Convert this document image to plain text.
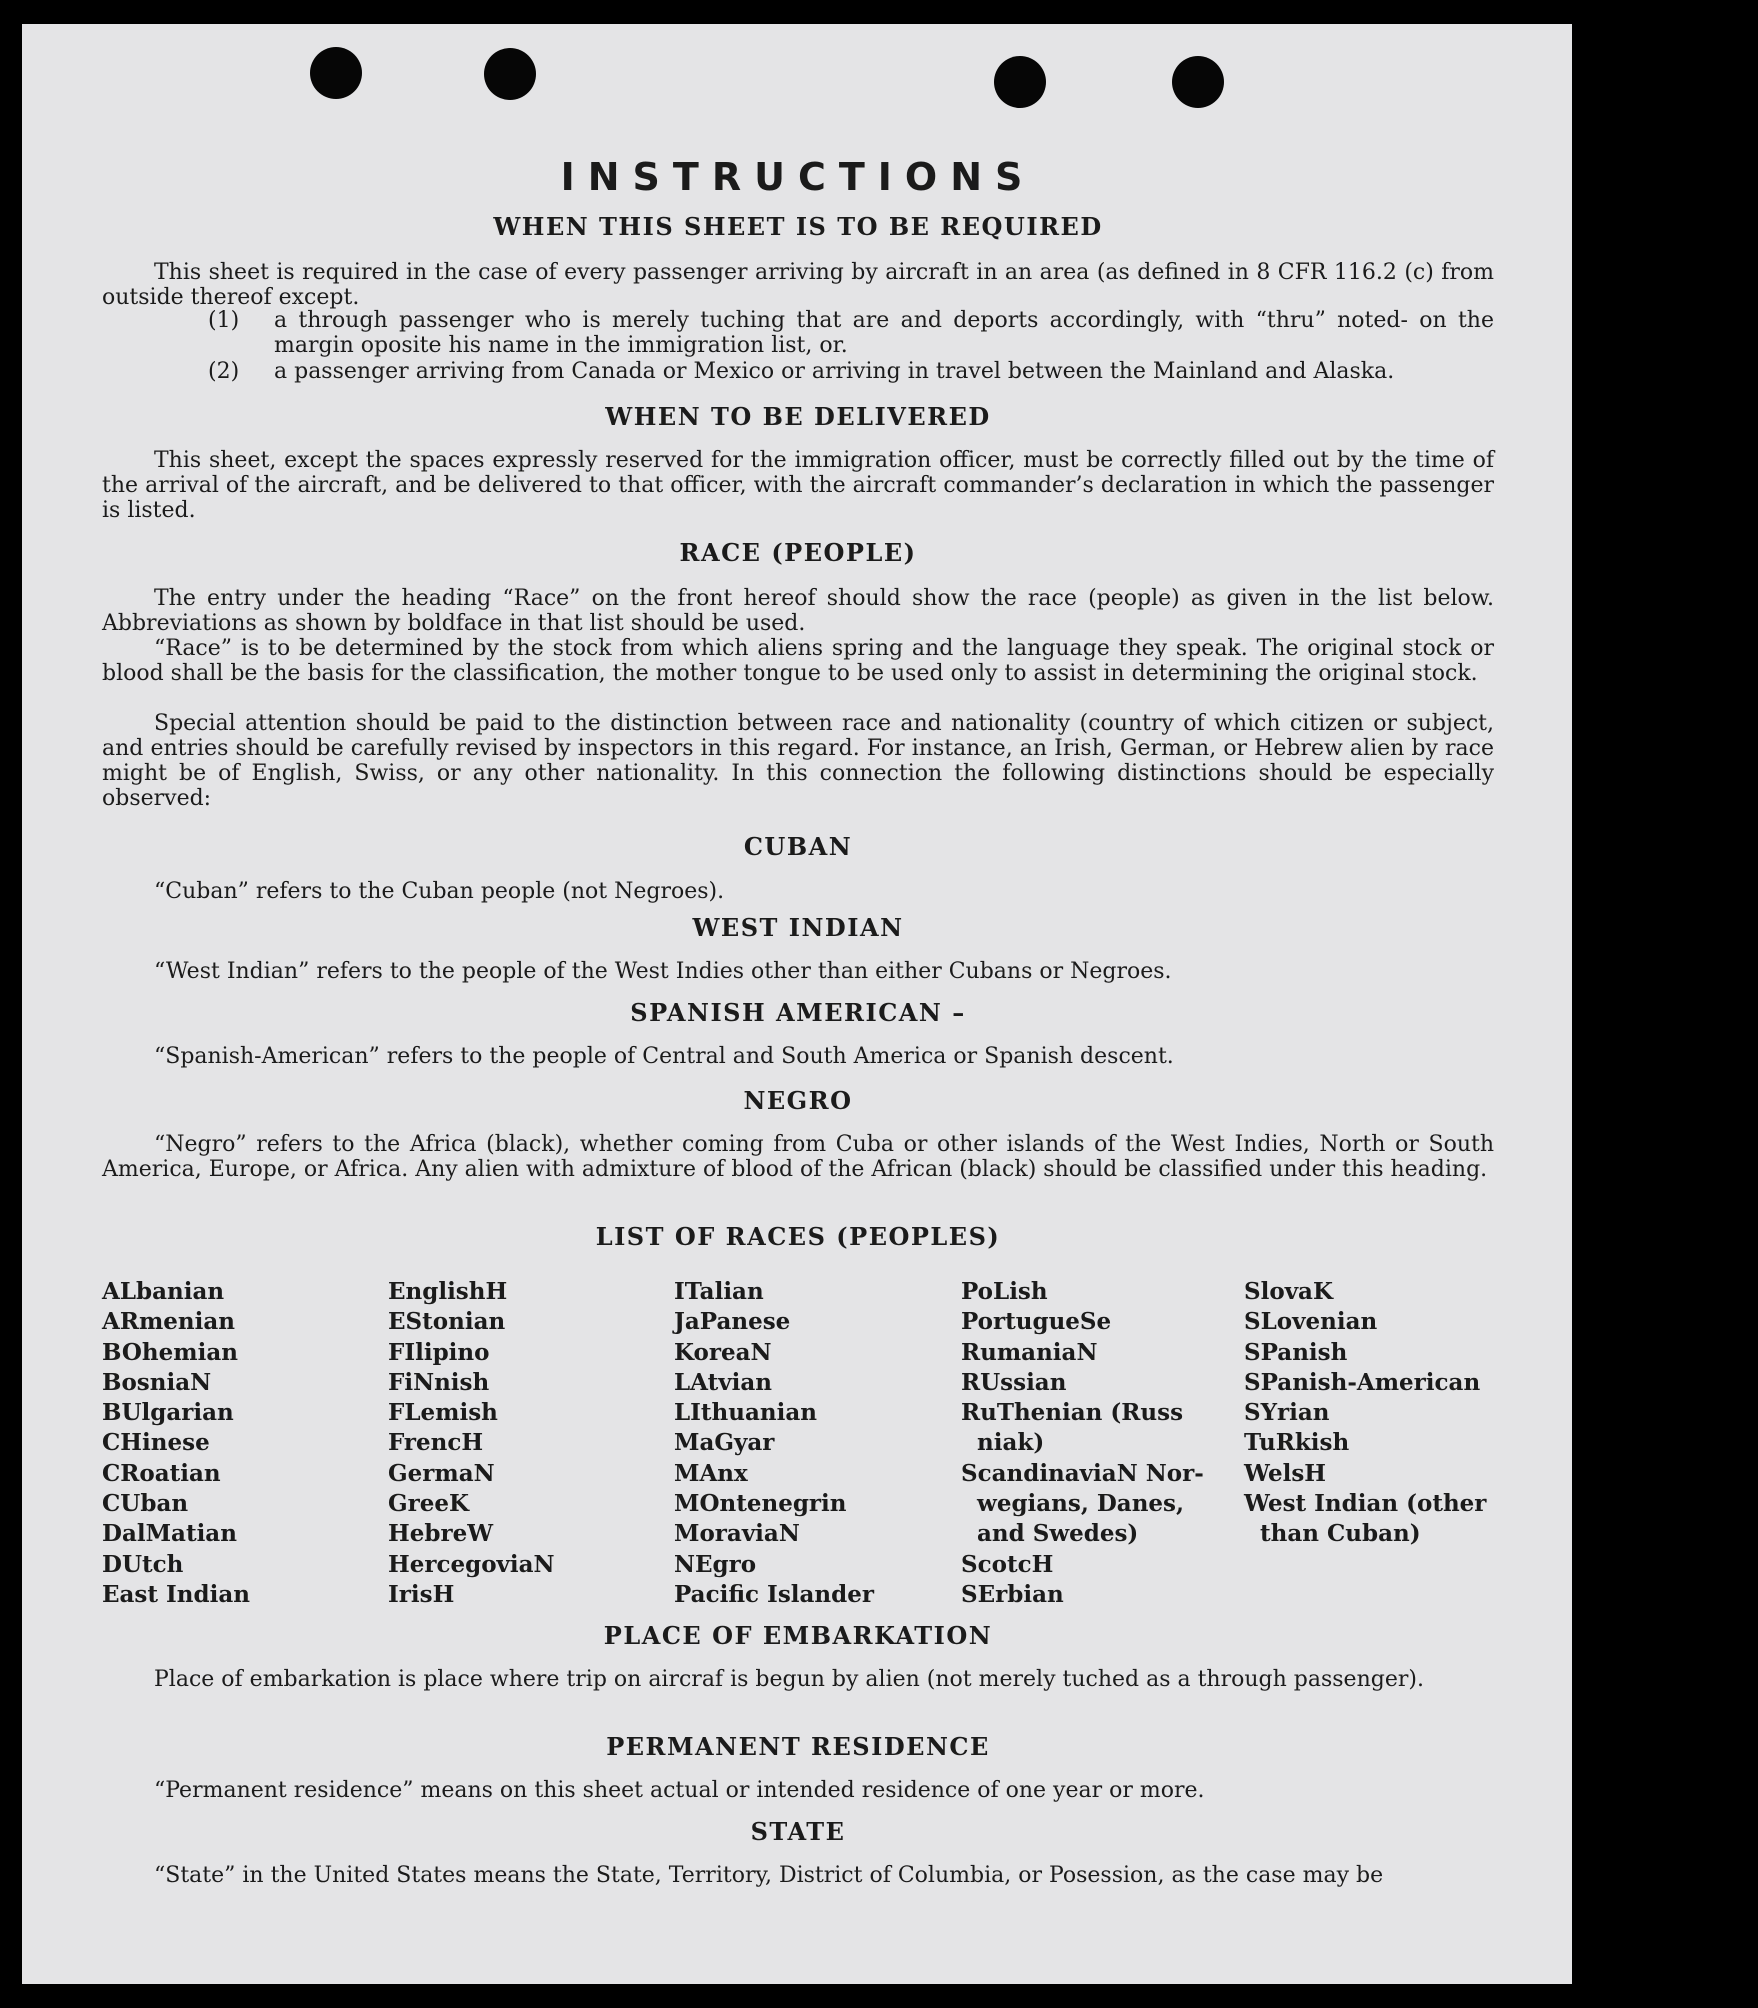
INSTRUCTIONS
WHEN THIS SHEET IS TO BE REQUIRED

This sheet is required in the case of every passenger arriving by aircraft in an area (as defined in 8 CFR 116.2 (c) from outside thereof except.

(1) a through passenger who is merely tuching that are and deports accordingly, with “thru” noted- on the margin oposite his name in the immigration list, or.
(2) a passenger arriving from Canada or Mexico or arriving in travel between the Mainland and Alaska.
WHEN TO BE DELIVERED

This sheet, except the spaces expressly reserved for the immigration officer, must be correctly filled out by the time of the arrival of the aircraft, and be delivered to that officer, with the aircraft commander’s declaration in which the passenger is listed.

RACE (PEOPLE)

The entry under the heading “Race” on the front hereof should show the race (people) as given in the list below. Abbreviations as shown by boldface in that list should be used.

“Race” is to be determined by the stock from which aliens spring and the language they speak. The original stock or blood shall be the basis for the classification, the mother tongue to be used only to assist in determining the original stock.

Special attention should be paid to the distinction between race and nationality (country of which citizen or subject, and entries should be carefully revised by inspectors in this regard. For instance, an Irish, German, or Hebrew alien by race might be of English, Swiss, or any other nationality. In this connection the following distinctions should be especially observed:

CUBAN

“Cuban” refers to the Cuban people (not Negroes).

WEST INDIAN

“West Indian” refers to the people of the West Indies other than either Cubans or Negroes.

SPANISH AMERICAN –

“Spanish-American” refers to the people of Central and South America or Spanish descent.

NEGRO

“Negro” refers to the Africa (black), whether coming from Cuba or other islands of the West Indies, North or South America, Europe, or Africa. Any alien with admixture of blood of the African (black) should be classified under this heading.

LIST OF RACES (PEOPLES)
ALbanian
ARmenian
BOhemian
BosniaN
BUlgarian
CHinese
CRoatian
CUban
DalMatian
DUtch
East Indian
EnglishH
EStonian
FIlipino
FiNnish
FLemish
FrencH
GermaN
GreeK
HebreW
HercegoviaN
IrisH
ITalian
JaPanese
KoreaN
LAtvian
LIthuanian
MaGyar
MAnx
MOntenegrin
MoraviaN
NEgro
Pacific Islander
PoLish
PortugueSe
RumaniaN
RUssian
RuThenian (Russ
niak)
ScandinaviaN Nor-
wegians, Danes,
and Swedes)
ScotcH
SErbian
SlovaK
SLovenian
SPanish
SPanish-American
SYrian
TuRkish
WelsH
West Indian (other
than Cuban)
PLACE OF EMBARKATION

Place of embarkation is place where trip on aircraf is begun by alien (not merely tuched as a through passenger).

PERMANENT RESIDENCE

“Permanent residence” means on this sheet actual or intended residence of one year or more.

STATE

“State” in the United States means the State, Territory, District of Columbia, or Posession, as the case may be
